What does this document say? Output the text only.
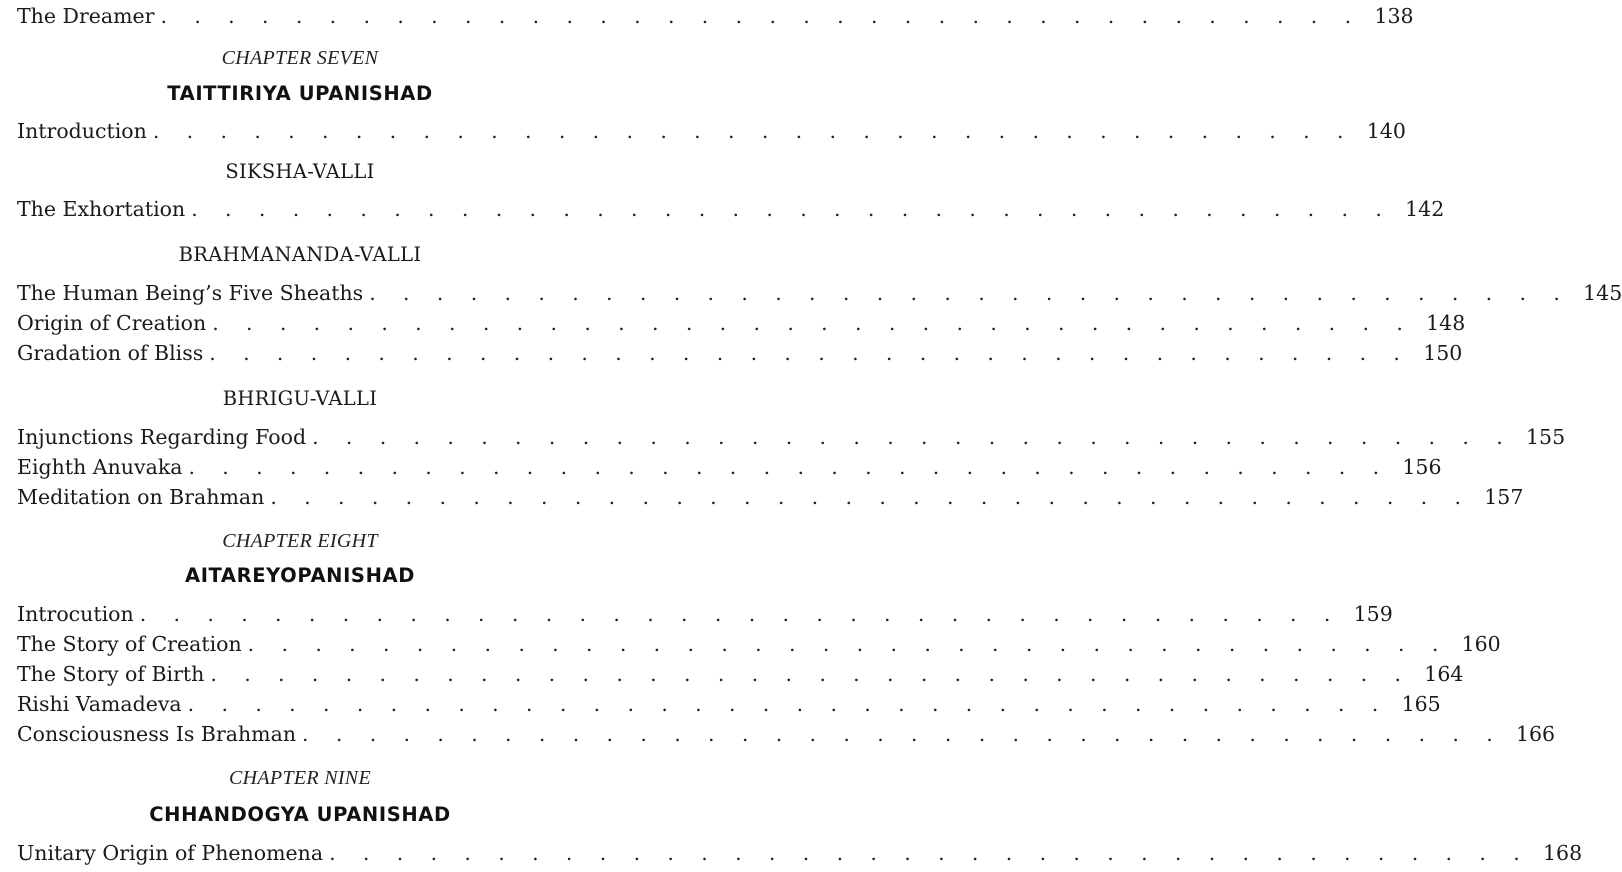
The Dreamer . . . . . . . . . . . . . . . . . . . . . . . . . . . . . . . . . . . . 138
CHAPTER SEVEN
TAITTIRIYA UPANISHAD
Introduction . . . . . . . . . . . . . . . . . . . . . . . . . . . . . . . . . . . . 140
SIKSHA-VALLI
The Exhortation . . . . . . . . . . . . . . . . . . . . . . . . . . . . . . . . . . . . 142
BRAHMANANDA-VALLI
The Human Being’s Five Sheaths . . . . . . . . . . . . . . . . . . . . . . . . . . . . . . . . . . . . 145
Origin of Creation . . . . . . . . . . . . . . . . . . . . . . . . . . . . . . . . . . . . 148
Gradation of Bliss . . . . . . . . . . . . . . . . . . . . . . . . . . . . . . . . . . . . 150
BHRIGU-VALLI
Injunctions Regarding Food . . . . . . . . . . . . . . . . . . . . . . . . . . . . . . . . . . . . 155
Eighth Anuvaka . . . . . . . . . . . . . . . . . . . . . . . . . . . . . . . . . . . . 156
Meditation on Brahman . . . . . . . . . . . . . . . . . . . . . . . . . . . . . . . . . . . . 157
CHAPTER EIGHT
AITAREYOPANISHAD
Introcution . . . . . . . . . . . . . . . . . . . . . . . . . . . . . . . . . . . . 159
The Story of Creation . . . . . . . . . . . . . . . . . . . . . . . . . . . . . . . . . . . . 160
The Story of Birth . . . . . . . . . . . . . . . . . . . . . . . . . . . . . . . . . . . . 164
Rishi Vamadeva . . . . . . . . . . . . . . . . . . . . . . . . . . . . . . . . . . . . 165
Consciousness Is Brahman . . . . . . . . . . . . . . . . . . . . . . . . . . . . . . . . . . . . 166
CHAPTER NINE
CHHANDOGYA UPANISHAD
Unitary Origin of Phenomena . . . . . . . . . . . . . . . . . . . . . . . . . . . . . . . . . . . . 168
